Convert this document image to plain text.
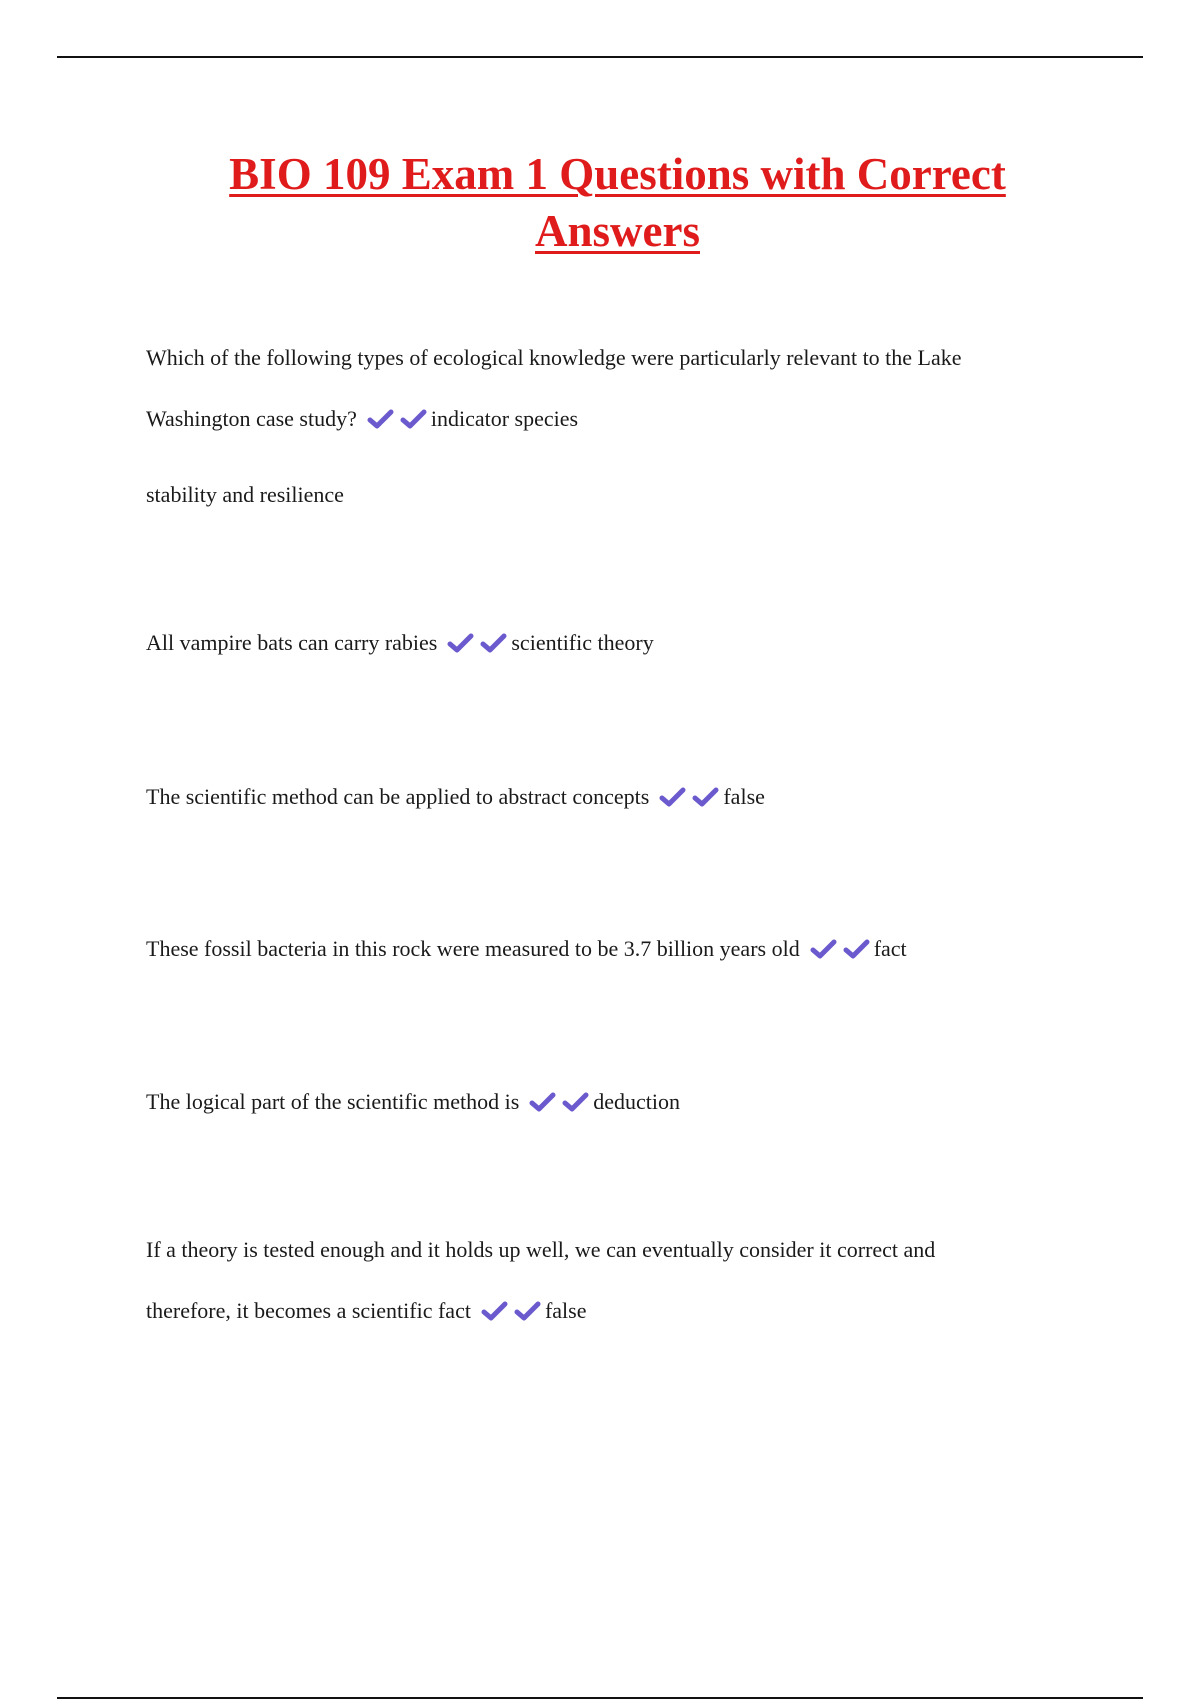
BIO 109 Exam 1 Questions with Correct Answers
Which of the following types of ecological knowledge were particularly relevant to the Lake
Washington case study?	indicator species
stability and resilience
All vampire bats can carry rabies	scientific theory
The scientific method can be applied to abstract concepts	false
These fossil bacteria in this rock were measured to be 3.7 billion years old	fact
The logical part of the scientific method is	deduction
If a theory is tested enough and it holds up well, we can eventually consider it correct and
therefore, it becomes a scientific fact	false
